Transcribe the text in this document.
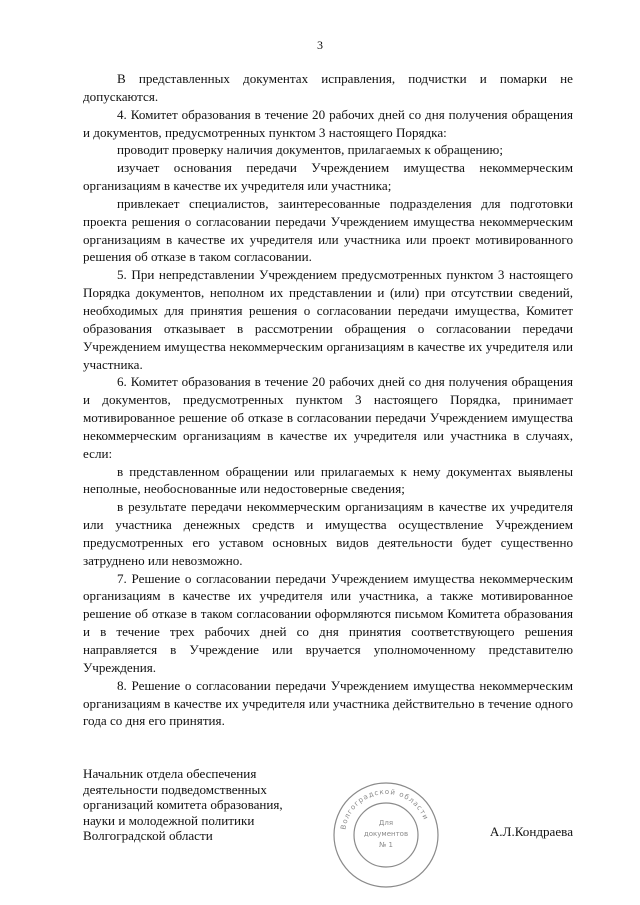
3

В представленных документах исправления, подчистки и помарки не допускаются.

4. Комитет образования в течение 20 рабочих дней со дня получения обращения и документов, предусмотренных пунктом 3 настоящего Порядка:

проводит проверку наличия документов, прилагаемых к обращению;

изучает основания передачи Учреждением имущества некоммерческим организациям в качестве их учредителя или участника;

привлекает специалистов, заинтересованные подразделения для подготовки проекта решения о согласовании передачи Учреждением имущества некоммерческим организациям в качестве их учредителя или участника или проект мотивированного решения об отказе в таком согласовании.

5. При непредставлении Учреждением предусмотренных пунктом 3 настоящего Порядка документов, неполном их представлении и (или) при отсутствии сведений, необходимых для принятия решения о согласовании передачи имущества, Комитет образования отказывает в рассмотрении обращения о согласовании передачи Учреждением имущества некоммерческим организациям в качестве их учредителя или участника.

6. Комитет образования в течение 20 рабочих дней со дня получения обращения и документов, предусмотренных пунктом 3 настоящего Порядка, принимает мотивированное решение об отказе в согласовании передачи Учреждением имущества некоммерческим организациям в качестве их учредителя или участника в случаях, если:

в представленном обращении или прилагаемых к нему документах выявлены неполные, необоснованные или недостоверные сведения;

в результате передачи некоммерческим организациям в качестве их учредителя или участника денежных средств и имущества осуществление Учреждением предусмотренных его уставом основных видов деятельности будет существенно затруднено или невозможно.

7. Решение о согласовании передачи Учреждением имущества некоммерческим организациям в качестве их учредителя или участника, а также мотивированное решение об отказе в таком согласовании оформляются письмом Комитета образования и в течение трех рабочих дней со дня принятия соответствующего решения направляется в Учреждение или вручается уполномоченному представителю Учреждения.

8. Решение о согласовании передачи Учреждением имущества некоммерческим организациям в качестве их учредителя или участника действительно в течение одного года со дня его принятия.

Начальник отдела обеспечения
деятельности подведомственных
организаций комитета образования,
науки и молодежной политики
Волгоградской области
Волгоградской области
Для
документов
№ 1
А.Л.Кондраева
